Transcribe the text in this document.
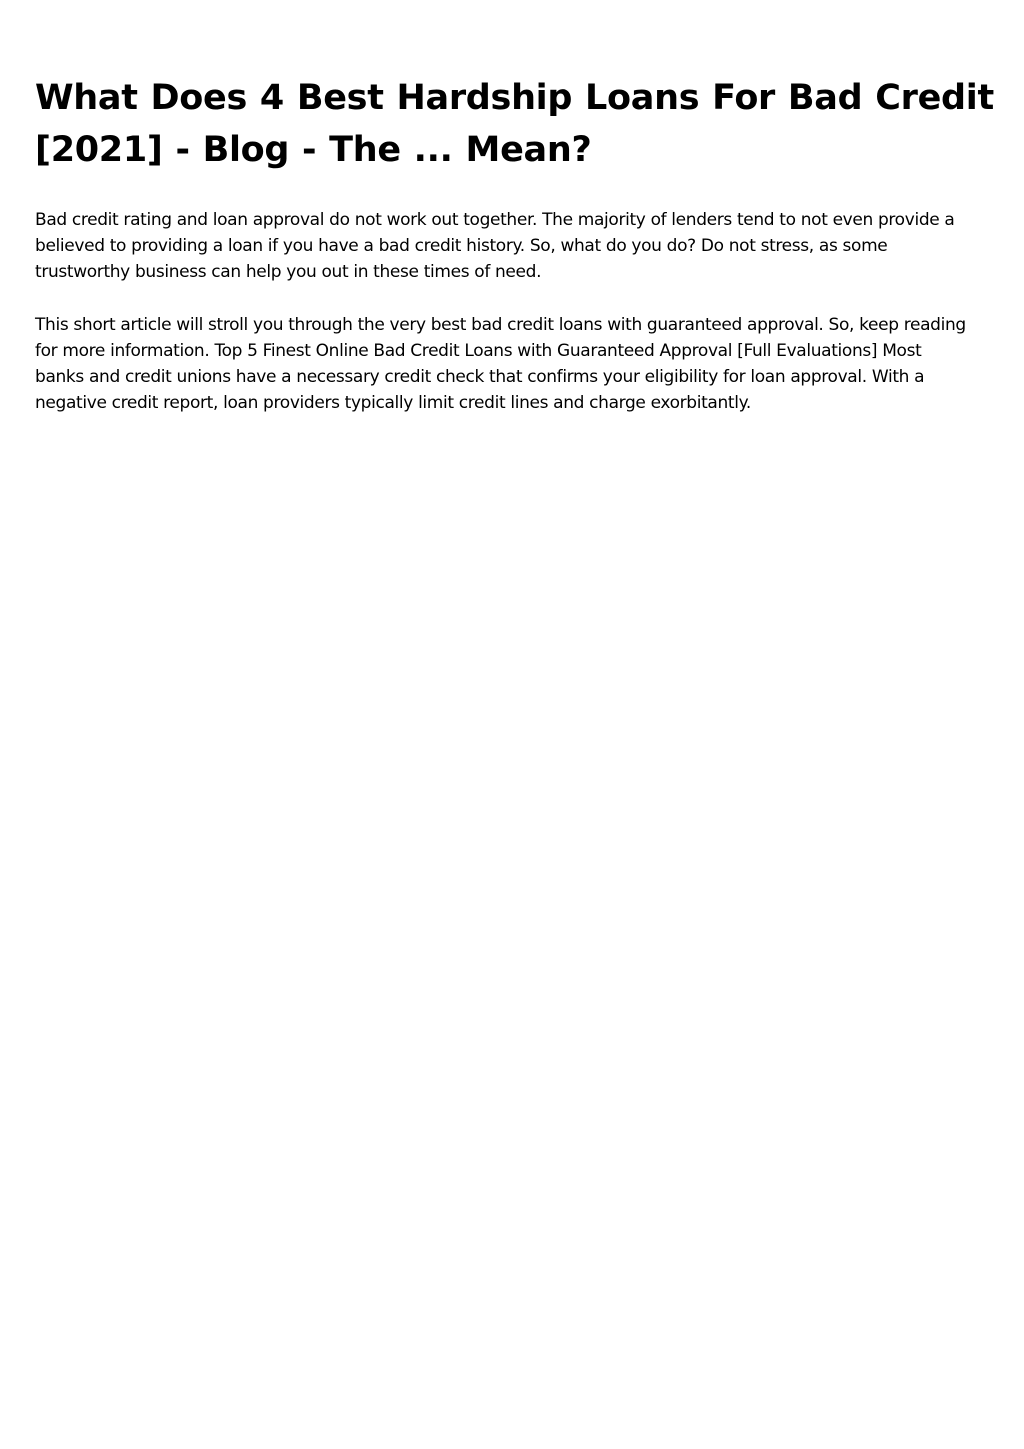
What Does 4 Best Hardship Loans For Bad Credit
[2021] - Blog - The ... Mean?

Bad credit rating and loan approval do not work out together. The majority of lenders tend to not even provide a
believed to providing a loan if you have a bad credit history. So, what do you do? Do not stress, as some
trustworthy business can help you out in these times of need.

This short article will stroll you through the very best bad credit loans with guaranteed approval. So, keep reading
for more information. Top 5 Finest Online Bad Credit Loans with Guaranteed Approval [Full Evaluations] Most
banks and credit unions have a necessary credit check that confirms your eligibility for loan approval. With a
negative credit report, loan providers typically limit credit lines and charge exorbitantly.
